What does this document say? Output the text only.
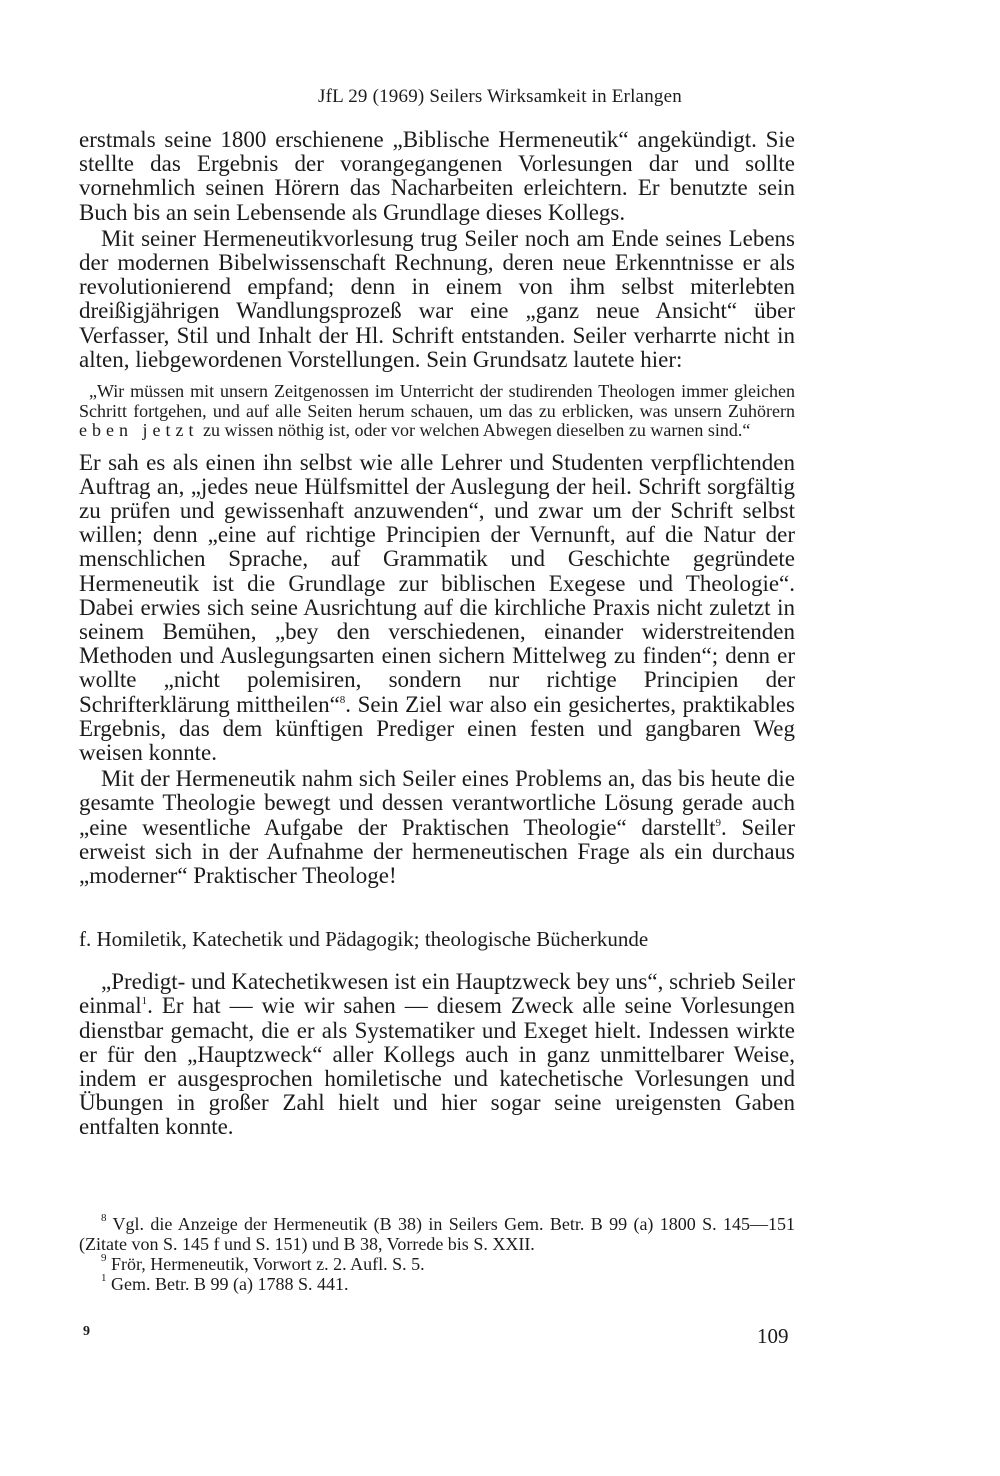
JfL 29 (1969) Seilers Wirksamkeit in Erlangen

erstmals seine 1800 erschienene „Biblische Hermeneutik“ angekündigt. Sie stellte das Ergebnis der vorangegangenen Vorlesungen dar und sollte vornehmlich seinen Hörern das Nacharbeiten erleichtern. Er benutzte sein Buch bis an sein Lebensende als Grundlage dieses Kollegs.

Mit seiner Hermeneutikvorlesung trug Seiler noch am Ende seines Lebens der modernen Bibelwissenschaft Rechnung, deren neue Erkenntnisse er als revolutionierend empfand; denn in einem von ihm selbst miterlebten dreißigjährigen Wandlungsprozeß war eine „ganz neue Ansicht“ über Verfasser, Stil und Inhalt der Hl. Schrift entstanden. Seiler verharrte nicht in alten, liebgewordenen Vorstellungen. Sein Grundsatz lautete hier:

„Wir müssen mit unsern Zeitgenossen im Unterricht der studirenden Theologen immer gleichen Schritt fortgehen, und auf alle Seiten herum schauen, um das zu erblicken, was unsern Zuhörern eben jetzt zu wissen nöthig ist, oder vor welchen Abwegen dieselben zu warnen sind.“

Er sah es als einen ihn selbst wie alle Lehrer und Studenten verpflichtenden Auftrag an, „jedes neue Hülfsmittel der Auslegung der heil. Schrift sorgfältig zu prüfen und gewissenhaft anzuwenden“, und zwar um der Schrift selbst willen; denn „eine auf richtige Principien der Vernunft, auf die Natur der menschlichen Sprache, auf Grammatik und Geschichte gegründete Hermeneutik ist die Grundlage zur biblischen Exegese und Theologie“. Dabei erwies sich seine Ausrichtung auf die kirchliche Praxis nicht zuletzt in seinem Bemühen, „bey den verschiedenen, einander widerstreitenden Methoden und Auslegungsarten einen sichern Mittelweg zu finden“; denn er wollte „nicht polemisiren, sondern nur richtige Principien der Schrifterklärung mittheilen“$^8$. Sein Ziel war also ein gesichertes, praktikables Ergebnis, das dem künftigen Prediger einen festen und gangbaren Weg weisen konnte.

Mit der Hermeneutik nahm sich Seiler eines Problems an, das bis heute die gesamte Theologie bewegt und dessen verantwortliche Lösung gerade auch „eine wesentliche Aufgabe der Praktischen Theologie“ darstellt$^9$. Seiler erweist sich in der Aufnahme der hermeneutischen Frage als ein durchaus „moderner“ Praktischer Theologe!

f. Homiletik, Katechetik und Pädagogik; theologische Bücherkunde

„Predigt- und Katechetikwesen ist ein Hauptzweck bey uns“, schrieb Seiler einmal$^1$. Er hat — wie wir sahen — diesem Zweck alle seine Vorlesungen dienstbar gemacht, die er als Systematiker und Exeget hielt. Indessen wirkte er für den „Hauptzweck“ aller Kollegs auch in ganz unmittelbarer Weise, indem er ausgesprochen homiletische und katechetische Vorlesungen und Übungen in großer Zahl hielt und hier sogar seine ureigensten Gaben entfalten konnte.

$^8$ Vgl. die Anzeige der Hermeneutik (B 38) in Seilers Gem. Betr. B 99 (a) 1800 S. 145—151 (Zitate von S. 145 f und S. 151) und B 38, Vorrede bis S. XXII.

$^9$ Frör, Hermeneutik, Vorwort z. 2. Aufl. S. 5.

$^1$ Gem. Betr. B 99 (a) 1788 S. 441.

9	109
